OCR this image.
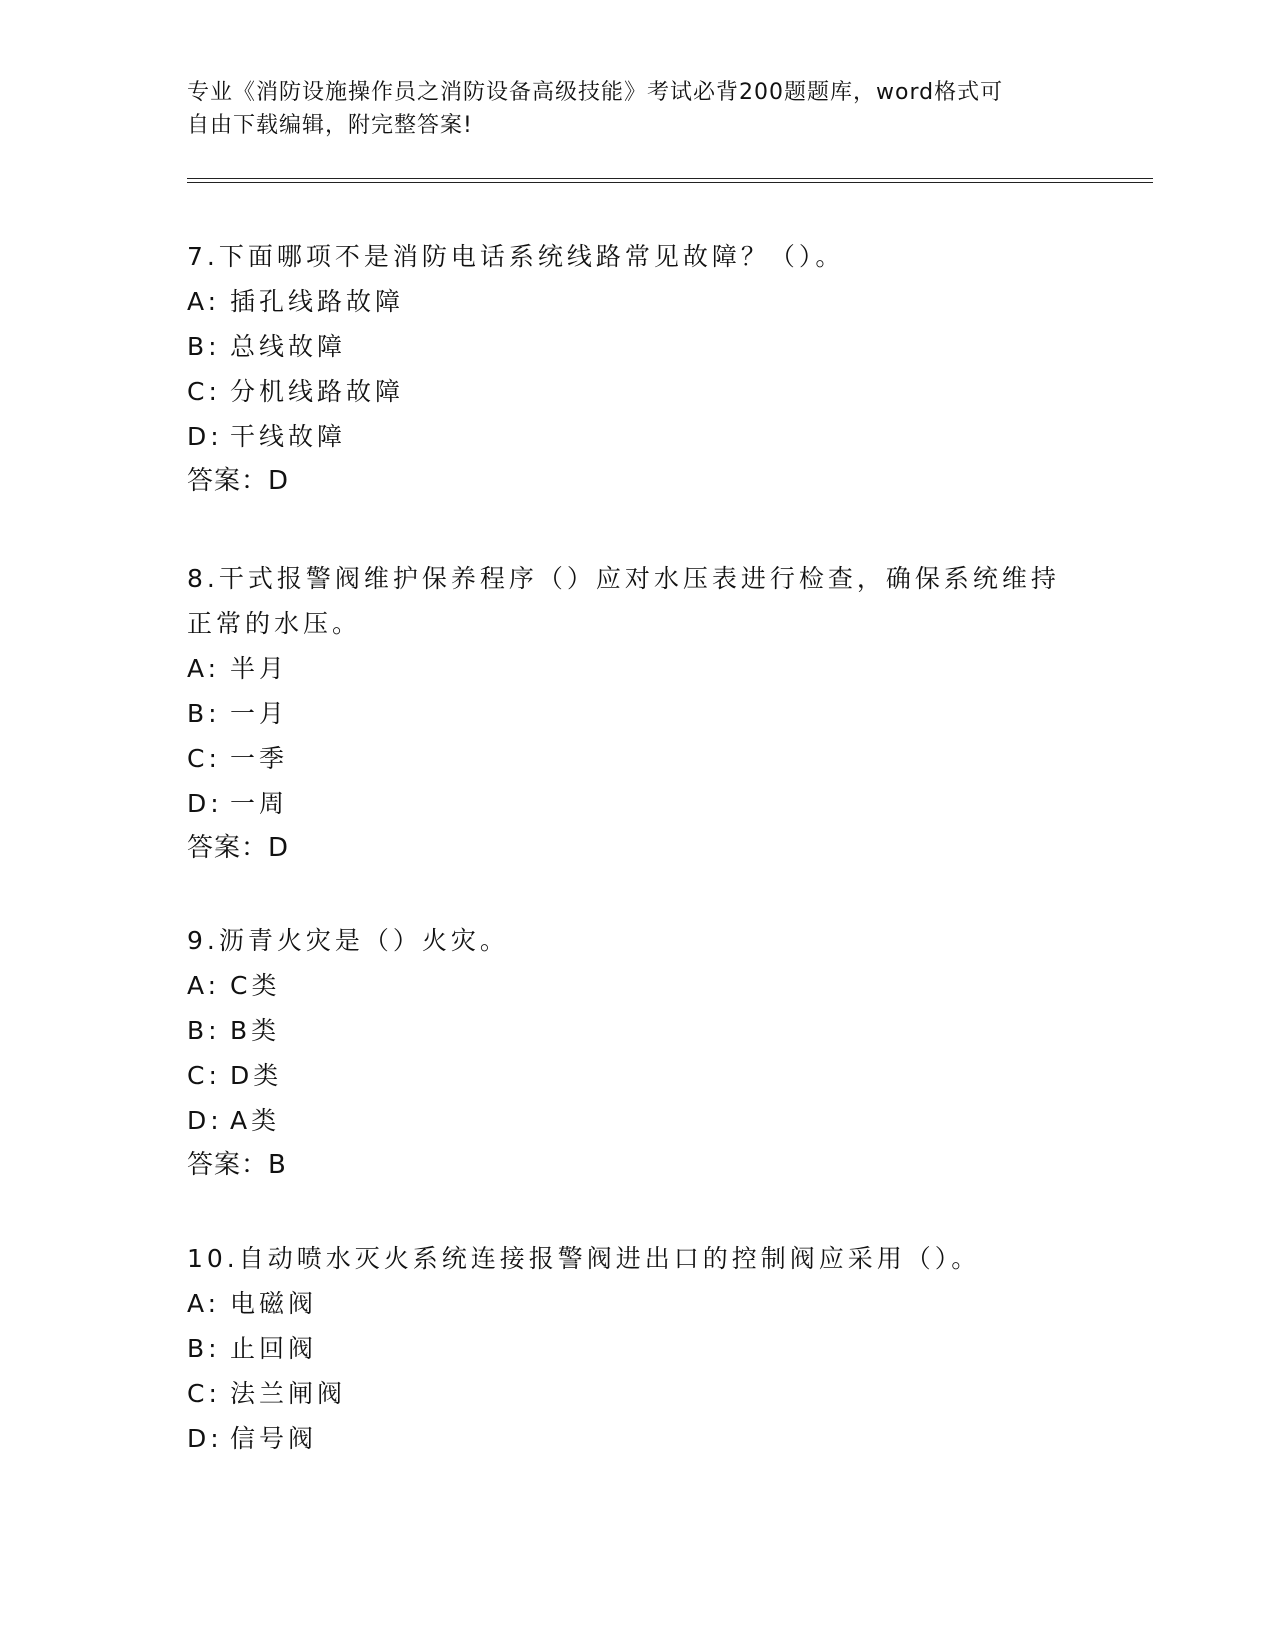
专业《消防设施操作员之消防设备高级技能》考试必背200题题库，word格式可
自由下载编辑，附完整答案!

7.下面哪项不是消防电话系统线路常见故障？（）。

A: 插孔线路故障

B: 总线故障

C: 分机线路故障

D: 干线故障

答案：D

8.干式报警阀维护保养程序（）应对水压表进行检查，确保系统维持

正常的水压。

A: 半月

B: 一月

C: 一季

D: 一周

答案：D

9.沥青火灾是（）火灾。

A: C类

B: B类

C: D类

D: A类

答案：B

10.自动喷水灭火系统连接报警阀进出口的控制阀应采用（）。

A: 电磁阀

B: 止回阀

C: 法兰闸阀

D: 信号阀
